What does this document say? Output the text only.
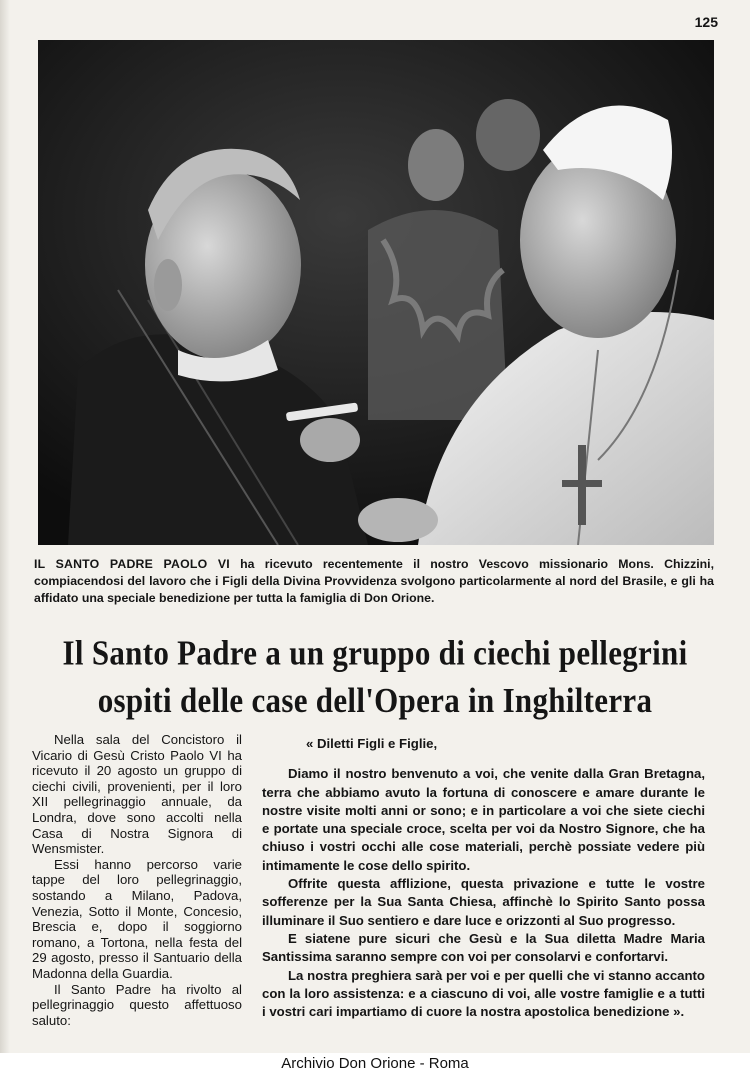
125

IL SANTO PADRE PAOLO VI ha ricevuto recentemente il nostro Vescovo missionario Mons. Chizzini, compiacendosi del lavoro che i Figli della Divina Provvidenza svolgono particolarmente al nord del Brasile, e gli ha affidato una speciale benedizione per tutta la famiglia di Don Orione.

Il Santo Padre a un gruppo di ciechi pellegrini
ospiti delle case dell'Opera in Inghilterra

Nella sala del Concistoro il Vicario di Gesù Cristo Paolo VI ha ricevuto il 20 agosto un gruppo di ciechi civili, provenienti, per il loro XII pellegrinaggio annuale, da Londra, dove sono accolti nella Casa di Nostra Signora di Wensmister.

Essi hanno percorso varie tappe del loro pellegrinaggio, sostando a Milano, Padova, Venezia, Sotto il Monte, Concesio, Brescia e, dopo il soggiorno romano, a Tortona, nella festa del 29 agosto, presso il Santuario della Madonna della Guardia.

Il Santo Padre ha rivolto al pellegrinaggio questo affettuoso saluto:

« Diletti Figli e Figlie,

Diamo il nostro benvenuto a voi, che venite dalla Gran Bretagna, terra che abbiamo avuto la fortuna di conoscere e amare durante le nostre visite molti anni or sono; e in particolare a voi che siete ciechi e portate una speciale croce, scelta per voi da Nostro Signore, che ha chiuso i vostri occhi alle cose materiali, perchè possiate vedere più intimamente le cose dello spirito.

Offrite questa afflizione, questa privazione e tutte le vostre sofferenze per la Sua Santa Chiesa, affinchè lo Spirito Santo possa illuminare il Suo sentiero e dare luce e orizzonti al Suo progresso.

E siatene pure sicuri che Gesù e la Sua diletta Madre Maria Santissima saranno sempre con voi per consolarvi e confortarvi.

La nostra preghiera sarà per voi e per quelli che vi stanno accanto con la loro assistenza: e a ciascuno di voi, alle vostre famiglie e a tutti i vostri cari impartiamo di cuore la nostra apostolica benedizione ».

Archivio Don Orione - Roma
